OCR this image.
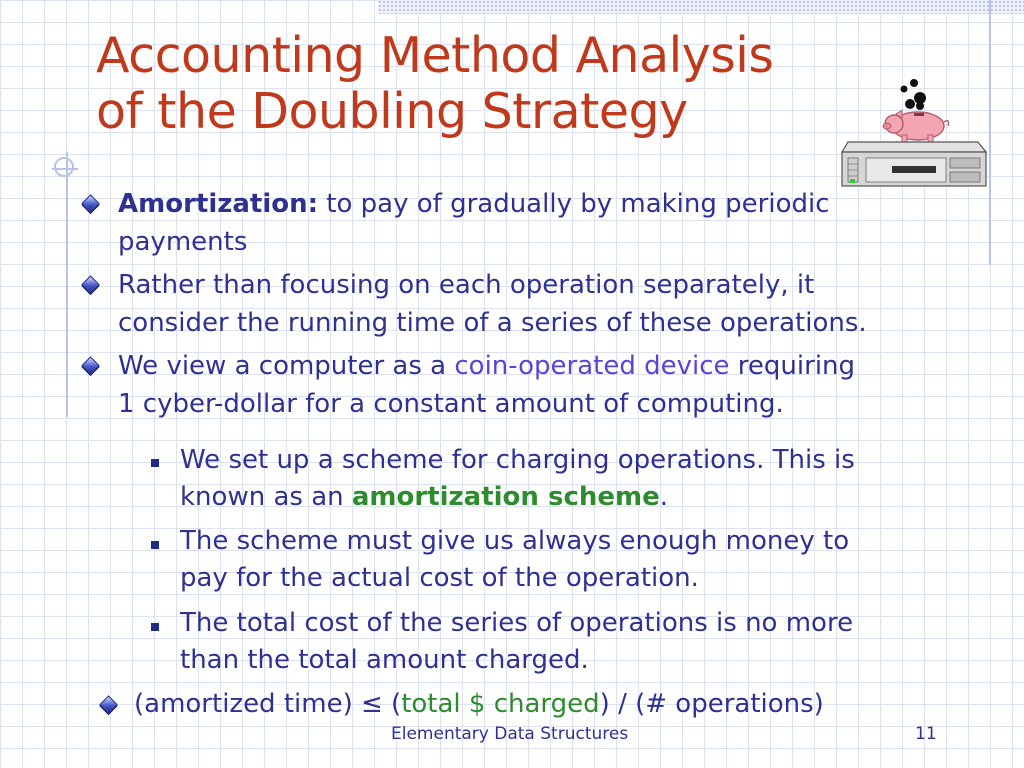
Accounting Method Analysis
of the Doubling Strategy
Amortization: to pay of gradually by making periodic
payments
Rather than focusing on each operation separately, it
consider the running time of a series of these operations.
We view a computer as a coin-operated device requiring
1 cyber-dollar for a constant amount of computing.
We set up a scheme for charging operations. This is
known as an amortization scheme.
The scheme must give us always enough money to
pay for the actual cost of the operation.
The total cost of the series of operations is no more
than the total amount charged.
(amortized time) ≤ (total $ charged) / (# operations)
Elementary Data Structures	11
